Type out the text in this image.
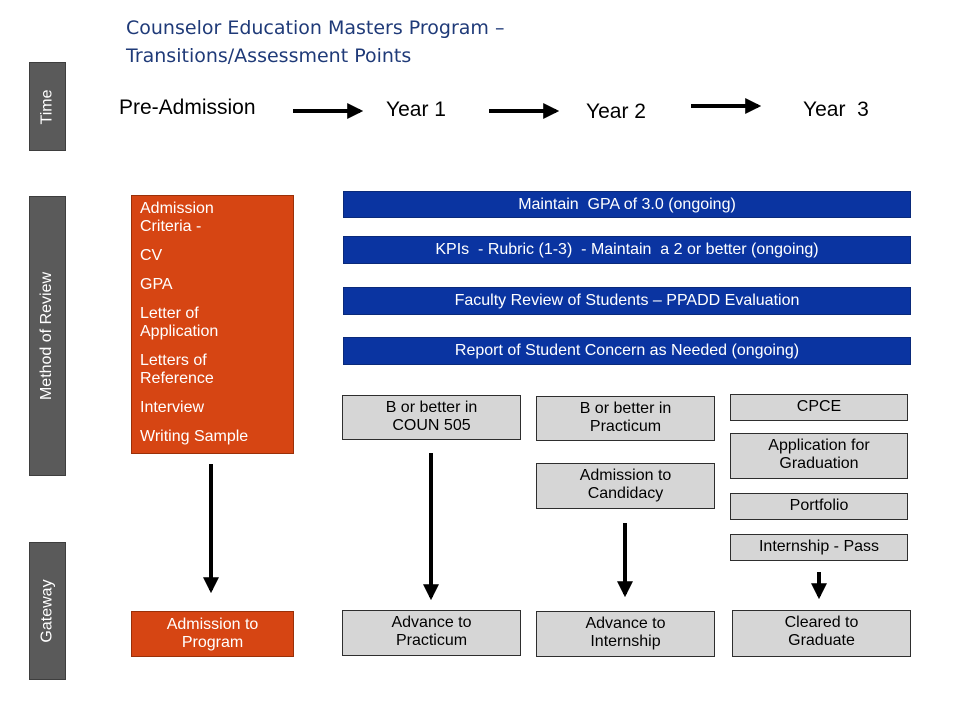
Counselor Education Masters Program –
Transitions/Assessment Points
Time
Method of Review
Gateway
Pre-Admission	Year 1	Year 2	Year  3
Maintain  GPA of 3.0 (ongoing)
KPIs  - Rubric (1-3)  - Maintain  a 2 or better (ongoing)
Faculty Review of Students – PPADD Evaluation
Report of Student Concern as Needed (ongoing)
Admission
Criteria -
CV
GPA
Letter of
Application
Letters of
Reference
Interview
Writing Sample
B or better in
COUN 505
B or better in
Practicum
Admission to
Candidacy
CPCE
Application for
Graduation
Portfolio
Internship - Pass
Admission to
Program
Advance to
Practicum
Advance to
Internship
Cleared to
Graduate
